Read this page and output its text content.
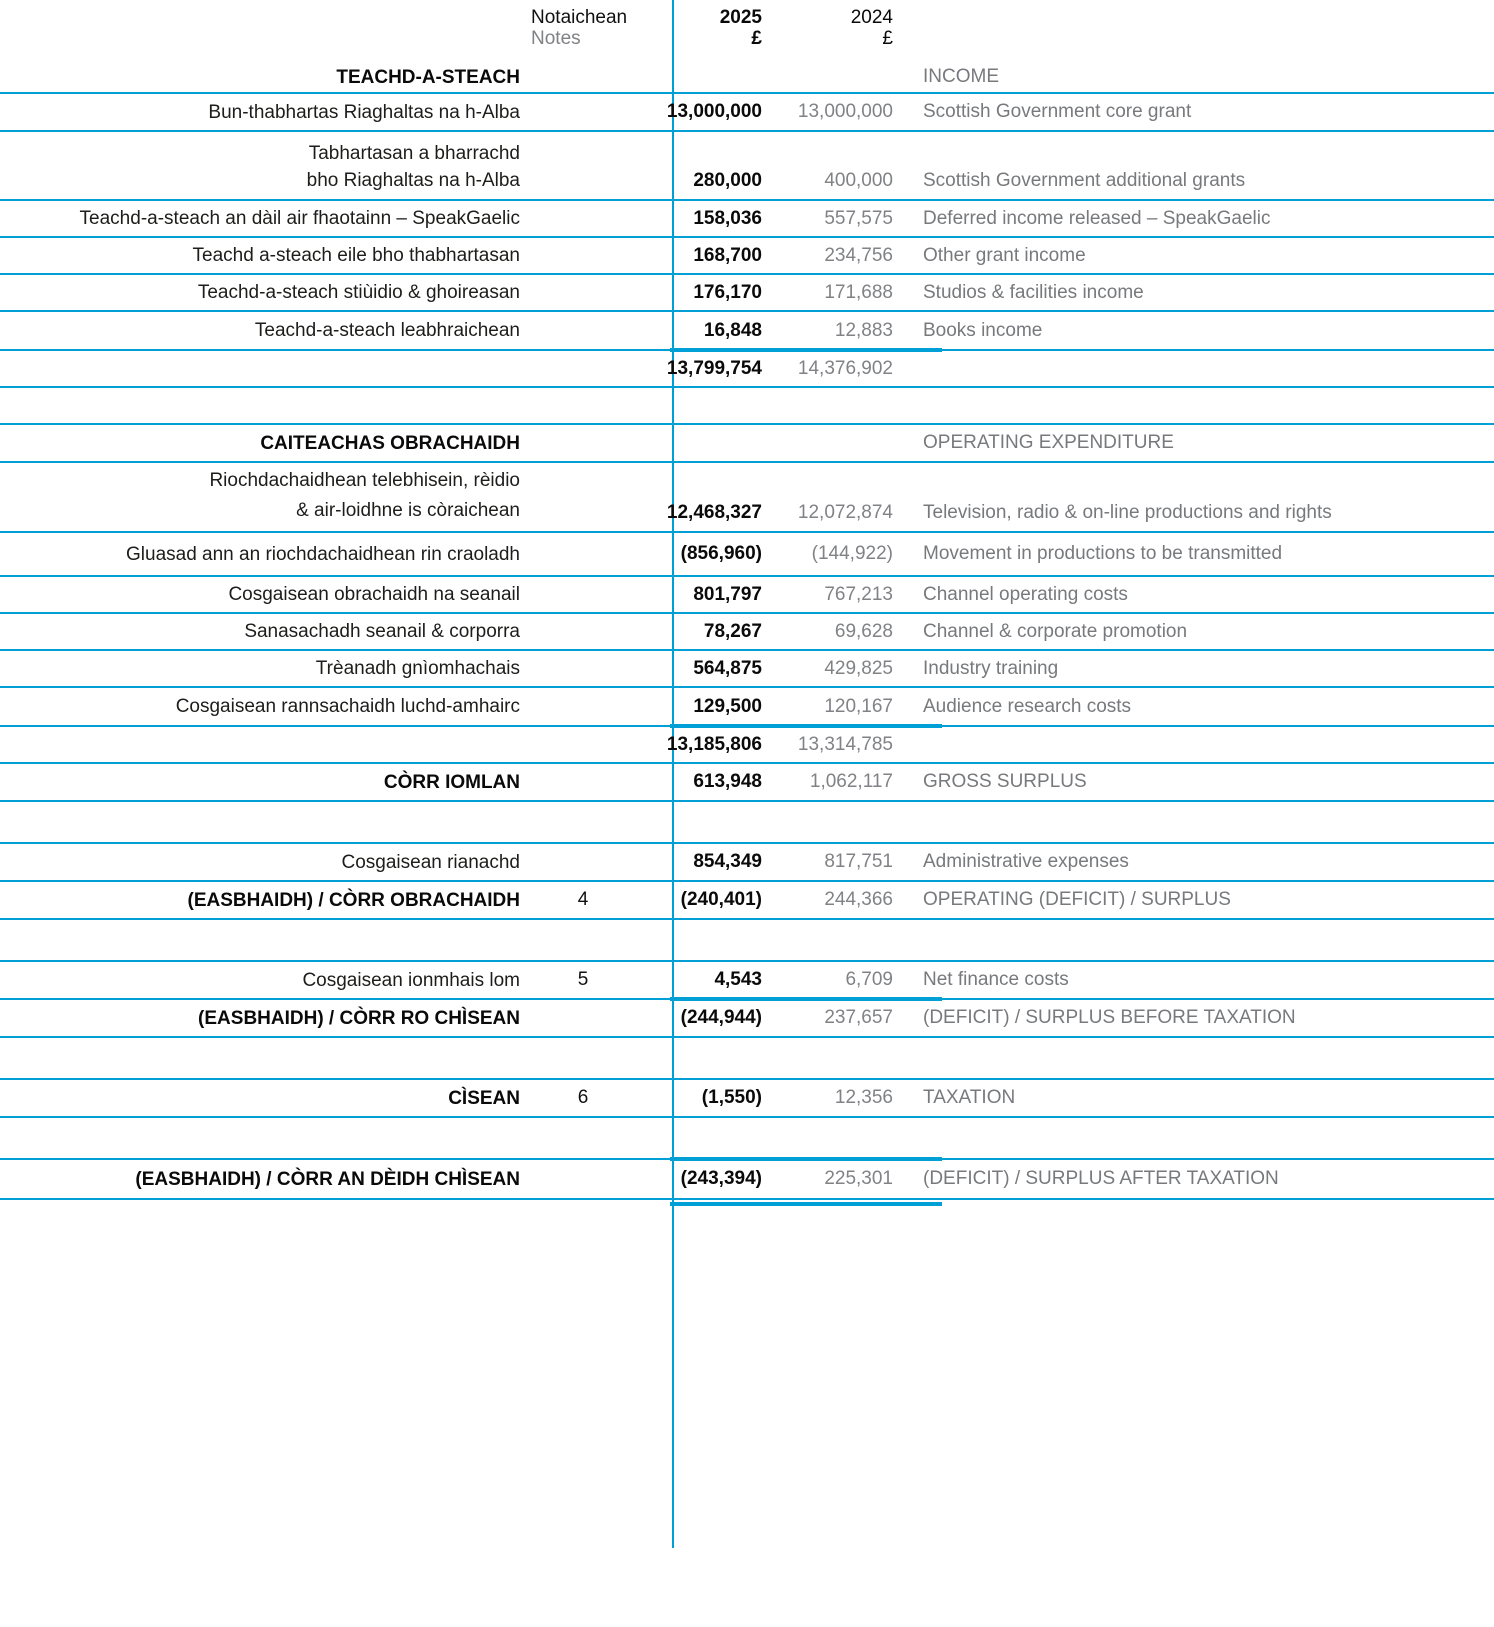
Notaichean
Notes
2025
£
2024
£
TEACHD-A-STEACH	INCOME
Bun-thabhartas Riaghaltas na h-Alba	13,000,000	13,000,000	Scottish Government core grant
Tabhartasan a bharrachd
bho Riaghaltas na h-Alba	280,000	400,000	Scottish Government additional grants
Teachd-a-steach an dàil air fhaotainn – SpeakGaelic	158,036	557,575	Deferred income released – SpeakGaelic
Teachd a-steach eile bho thabhartasan	168,700	234,756	Other grant income
Teachd-a-steach stiùidio & ghoireasan	176,170	171,688	Studios & facilities income
Teachd-a-steach leabhraichean	16,848	12,883	Books income
13,799,754	14,376,902
CAITEACHAS OBRACHAIDH	OPERATING EXPENDITURE
Riochdachaidhean telebhisein, rèidio
& air-loidhne is còraichean	12,468,327	12,072,874	Television, radio & on-line productions and rights
Gluasad ann an riochdachaidhean rin craoladh	(856,960)	(144,922)	Movement in productions to be transmitted
Cosgaisean obrachaidh na seanail	801,797	767,213	Channel operating costs
Sanasachadh seanail & corporra	78,267	69,628	Channel & corporate promotion
Trèanadh gnìomhachais	564,875	429,825	Industry training
Cosgaisean rannsachaidh luchd-amhairc	129,500	120,167	Audience research costs
13,185,806	13,314,785
CÒRR IOMLAN	613,948	1,062,117	GROSS SURPLUS
Cosgaisean rianachd	854,349	817,751	Administrative expenses
(EASBHAIDH) / CÒRR OBRACHAIDH	4	(240,401)	244,366	OPERATING (DEFICIT) / SURPLUS
Cosgaisean ionmhais lom	5	4,543	6,709	Net finance costs
(EASBHAIDH) / CÒRR RO CHÌSEAN	(244,944)	237,657	(DEFICIT) / SURPLUS BEFORE TAXATION
CÌSEAN	6	(1,550)	12,356	TAXATION
(EASBHAIDH) / CÒRR AN DÈIDH CHÌSEAN	(243,394)	225,301	(DEFICIT) / SURPLUS AFTER TAXATION
